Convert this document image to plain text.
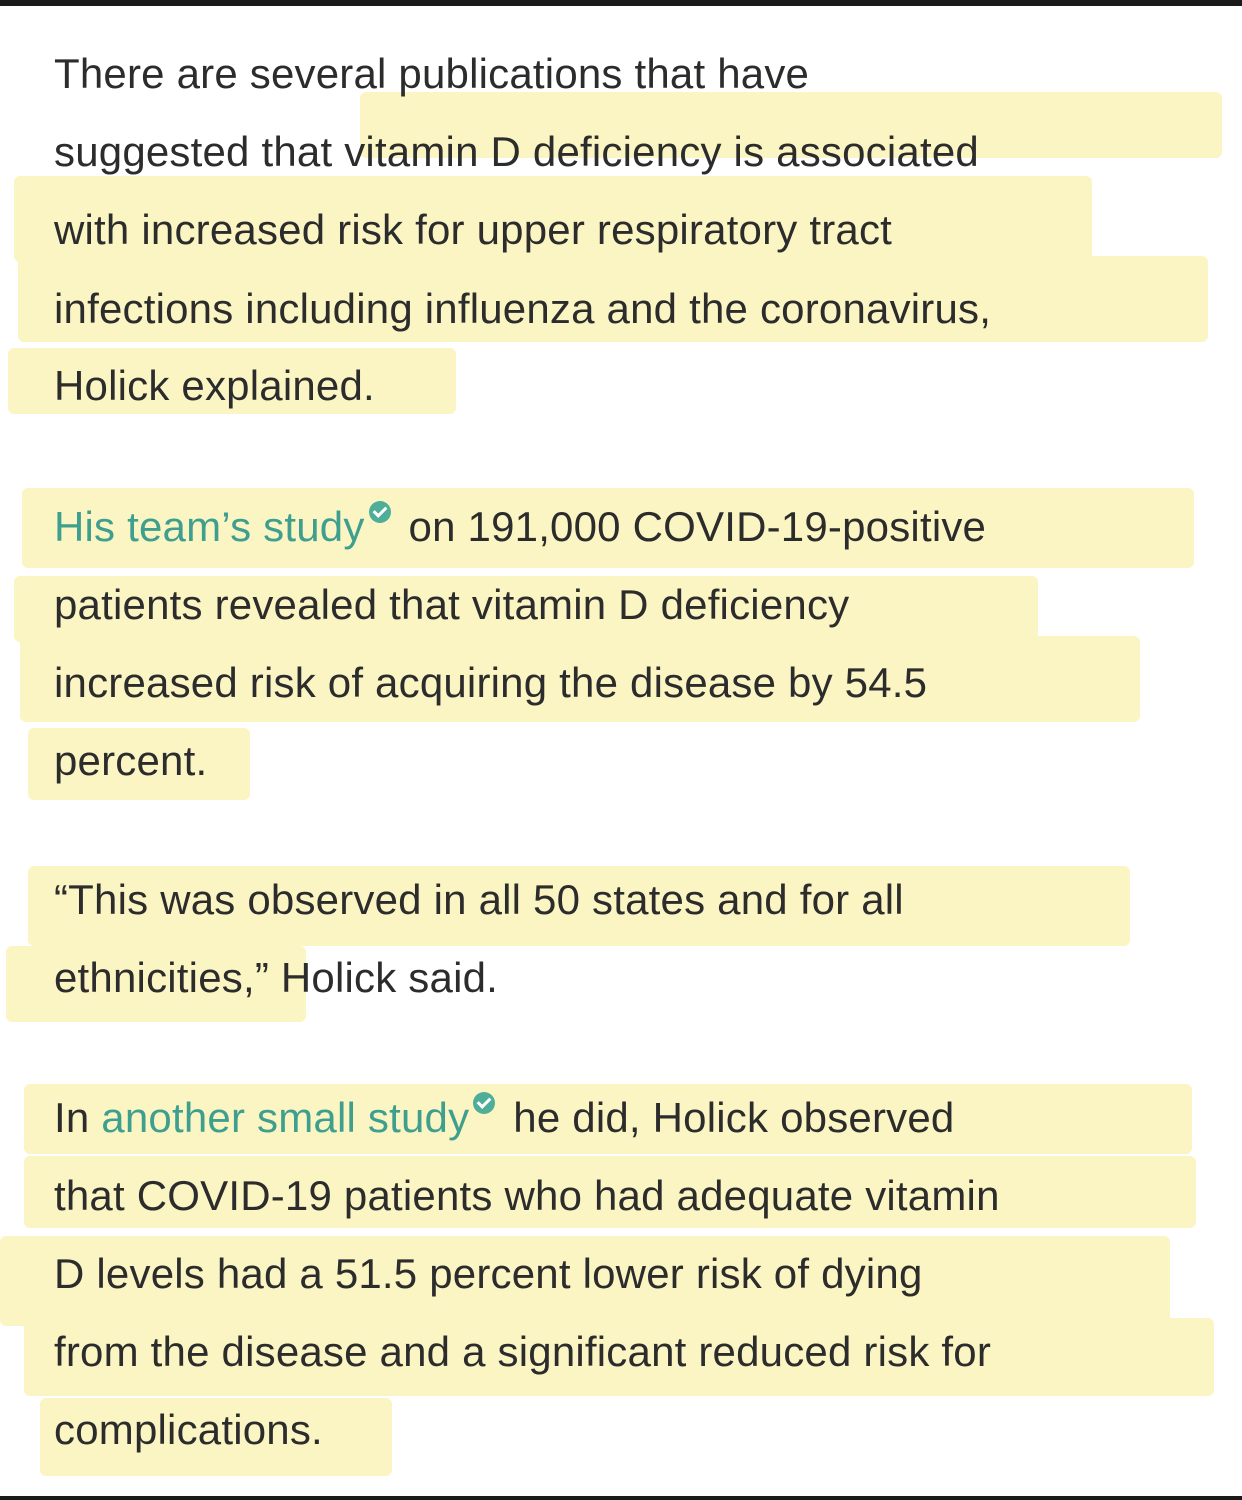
There are several publications that have
suggested that vitamin D deficiency is associated
with increased risk for upper respiratory tract
infections including influenza and the coronavirus,
Holick explained.
His team’s study on 191,000 COVID-19-positive
patients revealed that vitamin D deficiency
increased risk of acquiring the disease by 54.5
percent.
“This was observed in all 50 states and for all
ethnicities,” Holick said.
In another small study he did, Holick observed
that COVID-19 patients who had adequate vitamin
D levels had a 51.5 percent lower risk of dying
from the disease and a significant reduced risk for
complications.
